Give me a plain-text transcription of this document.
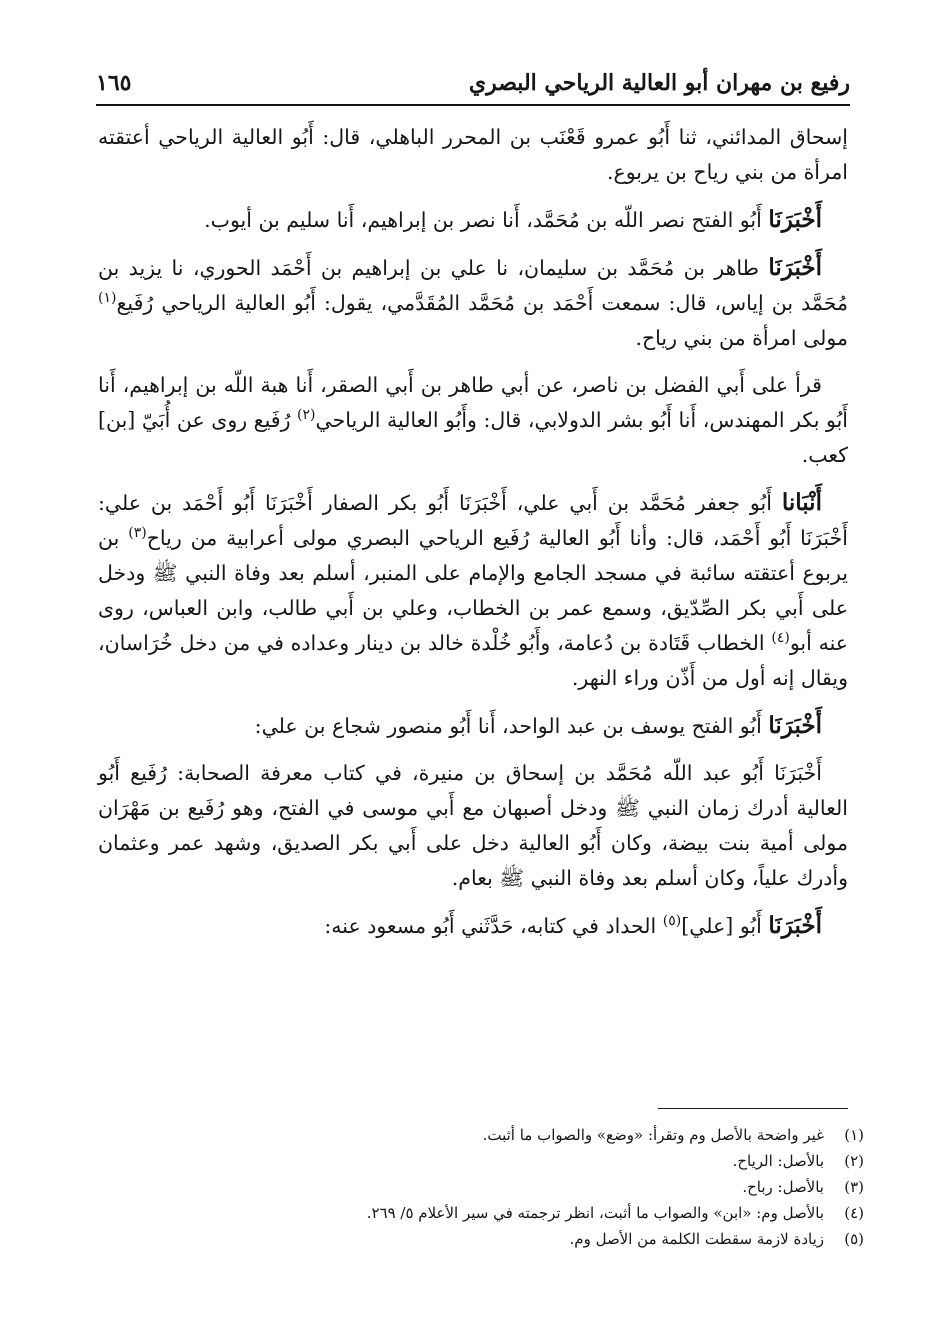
رفيع بن مهران أبو العالية الرياحي البصري
١٦٥

إسحاق المدائني، ثنا أَبُو عمرو قَعْنَب بن المحرر الباهلي، قال: أَبُو العالية الرياحي أعتقته امرأة من بني رياح بن يربوع.

أَخْبَرَنَا أَبُو الفتح نصر اللّه بن مُحَمَّد، أَنا نصر بن إبراهيم، أَنا سليم بن أيوب.

أَخْبَرَنَا طاهر بن مُحَمَّد بن سليمان، نا علي بن إبراهيم بن أَحْمَد الحوري، نا يزيد بن مُحَمَّد بن إياس، قال: سمعت أَحْمَد بن مُحَمَّد المُقَدَّمي، يقول: أَبُو العالية الرياحي رُفَيع$^{(١)}$ مولى امرأة من بني رياح.

قرأ على أَبي الفضل بن ناصر، عن أبي طاهر بن أَبي الصقر، أَنا هبة اللّه بن إبراهيم، أَنا أَبُو بكر المهندس، أَنا أَبُو بشر الدولابي، قال: وأَبُو العالية الرياحي$^{(٢)}$ رُفَيع روى عن أُبَيّ [بن] كعب.

أَنْبَانا أَبُو جعفر مُحَمَّد بن أَبي علي، أَخْبَرَنَا أَبُو بكر الصفار أَخْبَرَنَا أَبُو أَحْمَد بن علي: أَخْبَرَنَا أَبُو أَحْمَد، قال: وأنا أَبُو العالية رُفَيع الرياحي البصري مولى أعرابية من رياح$^{(٣)}$ بن يربوع أعتقته سائبة في مسجد الجامع والإمام على المنبر، أسلم بعد وفاة النبي ﷺ ودخل على أَبي بكر الصِّدّيق، وسمع عمر بن الخطاب، وعلي بن أَبي طالب، وابن العباس، روى عنه أبو$^{(٤)}$ الخطاب قَتَادة بن دُعامة، وأَبُو خُلْدة خالد بن دينار وعداده في من دخل خُرَاسان، ويقال إنه أول من أَذّن وراء النهر.

أَخْبَرَنَا أَبُو الفتح يوسف بن عبد الواحد، أَنا أَبُو منصور شجاع بن علي:

أَخْبَرَنَا أَبُو عبد اللّه مُحَمَّد بن إسحاق بن منيرة، في كتاب معرفة الصحابة: رُفَيع أَبُو العالية أدرك زمان النبي ﷺ ودخل أصبهان مع أَبي موسى في الفتح، وهو رُفَيع بن مَهْرَان مولى أمية بنت بيضة، وكان أَبُو العالية دخل على أَبي بكر الصديق، وشهد عمر وعثمان وأدرك علياً، وكان أسلم بعد وفاة النبي ﷺ بعام.

أَخْبَرَنَا أَبُو [علي]$^{(٥)}$ الحداد في كتابه، حَدَّثَني أَبُو مسعود عنه:

(١)
غير واضحة بالأصل وم وتقرأ: «وضع» والصواب ما أثبت.
(٢)
بالأصل: الرياح.
(٣)
بالأصل: رباح.
(٤)
بالأصل وم: «ابن» والصواب ما أثبت، انظر ترجمته في سير الأعلام ٥/ ٢٦٩.
(٥)
زيادة لازمة سقطت الكلمة من الأصل وم.
